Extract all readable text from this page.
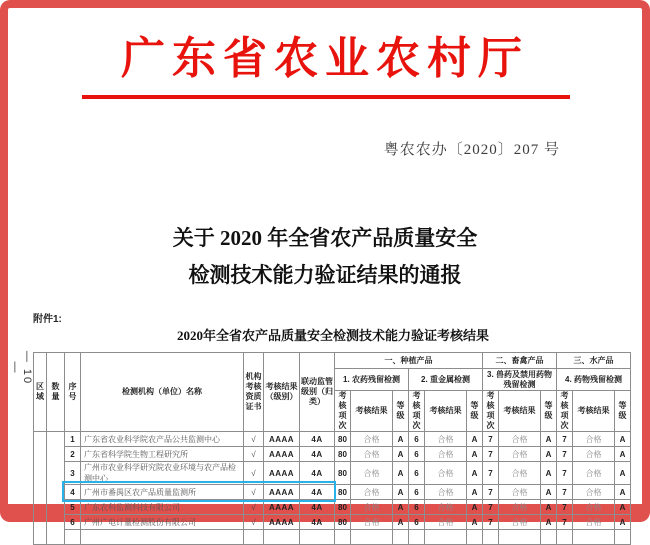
广东省农业农村厅
粤农农办〔2020〕207 号
关于 2020 年全省农产品质量安全
检测技术能力验证结果的通报
附件1:
2020年全省农产品质量安全检测技术能力验证考核结果
— 10 —
区域	数量	序号	检测机构（单位）名称	机构考核资质证书	考核结果（级别）	联动监管级别（归类）	一、种植产品						二、畜禽产品			三、水产品		
							1. 农药残留检测			2. 重金属检测			3. 兽药及禁用药物残留检测			4. 药物残留检测		
							考核项次	考核结果	等级	考核项次	考核结果	等级	考核项次	考核结果	等级	考核项次	考核结果	等级
		1	广东省农业科学院农产品公共监测中心	√	AAAA	4A	80	合格	A	6	合格	A	7	合格	A	7	合格	A
		2	广东省科学院生物工程研究所	√	AAAA	4A	80	合格	A	6	合格	A	7	合格	A	7	合格	A
		3	广州市农业科学研究院农业环境与农产品检测中心	√	AAAA	4A	80	合格	A	6	合格	A	7	合格	A	7	合格	A
		4	广州市番禺区农产品质量监测所	√	AAAA	4A	80	合格	A	6	合格	A	7	合格	A	7	合格	A
		5	广东农科监测科技有限公司	√	AAAA	4A	80	合格	A	6	合格	A	7	合格	A	7	合格	A
		6	广州广电计量检测股份有限公司	√	AAAA	4A	80	合格	A	6	合格	A	7	合格	A	7	合格	A
